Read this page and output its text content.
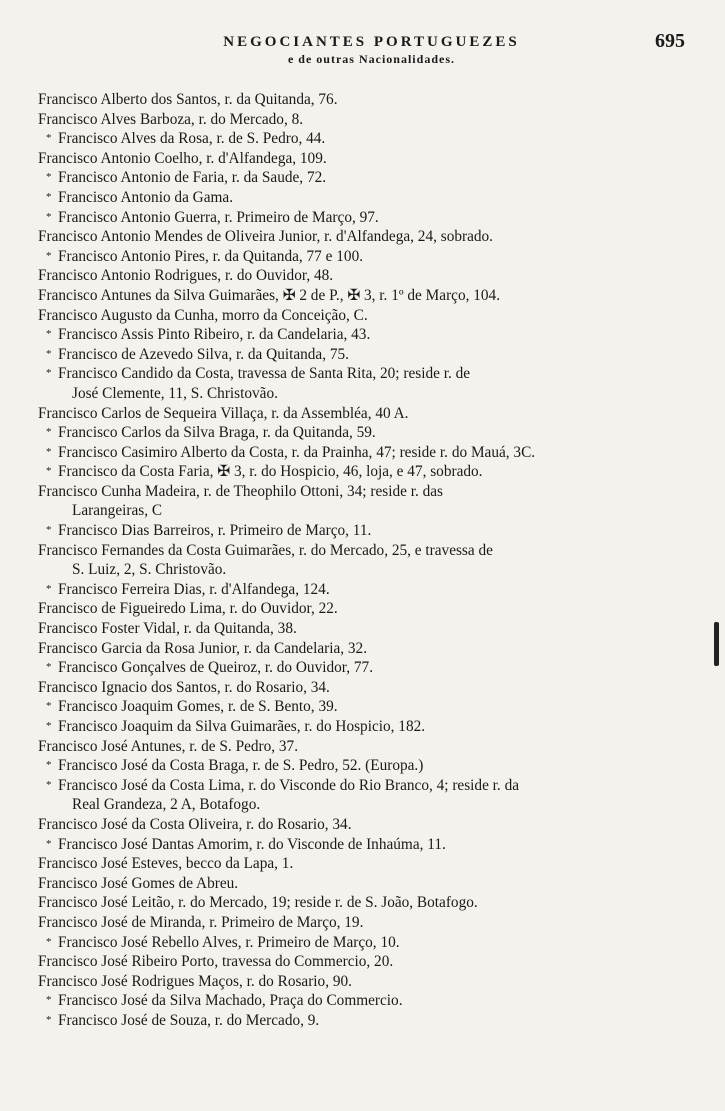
NEGOCIANTES PORTUGUEZES
e de outras Nacionalidades.
695
Francisco Alberto dos Santos, r. da Quitanda, 76.
Francisco Alves Barboza, r. do Mercado, 8.
* Francisco Alves da Rosa, r. de S. Pedro, 44.
Francisco Antonio Coelho, r. d'Alfandega, 109.
* Francisco Antonio de Faria, r. da Saude, 72.
* Francisco Antonio da Gama.
* Francisco Antonio Guerra, r. Primeiro de Março, 97.
Francisco Antonio Mendes de Oliveira Junior, r. d'Alfandega, 24, sobrado.
* Francisco Antonio Pires, r. da Quitanda, 77 e 100.
Francisco Antonio Rodrigues, r. do Ouvidor, 48.
Francisco Antunes da Silva Guimarães, ✠ 2 de P., ✠ 3, r. 1º de Março, 104.
Francisco Augusto da Cunha, morro da Conceição, C.
* Francisco Assis Pinto Ribeiro, r. da Candelaria, 43.
* Francisco de Azevedo Silva, r. da Quitanda, 75.
* Francisco Candido da Costa, travessa de Santa Rita, 20; reside r. de
José Clemente, 11, S. Christovão.
Francisco Carlos de Sequeira Villaça, r. da Assembléa, 40 A.
* Francisco Carlos da Silva Braga, r. da Quitanda, 59.
* Francisco Casimiro Alberto da Costa, r. da Prainha, 47; reside r. do Mauá, 3C.
* Francisco da Costa Faria, ✠ 3, r. do Hospicio, 46, loja, e 47, sobrado.
Francisco Cunha Madeira, r. de Theophilo Ottoni, 34; reside r. das
Larangeiras, C
* Francisco Dias Barreiros, r. Primeiro de Março, 11.
Francisco Fernandes da Costa Guimarães, r. do Mercado, 25, e travessa de
S. Luiz, 2, S. Christovão.
* Francisco Ferreira Dias, r. d'Alfandega, 124.
Francisco de Figueiredo Lima, r. do Ouvidor, 22.
Francisco Foster Vidal, r. da Quitanda, 38.
Francisco Garcia da Rosa Junior, r. da Candelaria, 32.
* Francisco Gonçalves de Queiroz, r. do Ouvidor, 77.
Francisco Ignacio dos Santos, r. do Rosario, 34.
* Francisco Joaquim Gomes, r. de S. Bento, 39.
* Francisco Joaquim da Silva Guimarães, r. do Hospicio, 182.
Francisco José Antunes, r. de S. Pedro, 37.
* Francisco José da Costa Braga, r. de S. Pedro, 52. (Europa.)
* Francisco José da Costa Lima, r. do Visconde do Rio Branco, 4; reside r. da
Real Grandeza, 2 A, Botafogo.
Francisco José da Costa Oliveira, r. do Rosario, 34.
* Francisco José Dantas Amorim, r. do Visconde de Inhaúma, 11.
Francisco José Esteves, becco da Lapa, 1.
Francisco José Gomes de Abreu.
Francisco José Leitão, r. do Mercado, 19; reside r. de S. João, Botafogo.
Francisco José de Miranda, r. Primeiro de Março, 19.
* Francisco José Rebello Alves, r. Primeiro de Março, 10.
Francisco José Ribeiro Porto, travessa do Commercio, 20.
Francisco José Rodrigues Maços, r. do Rosario, 90.
* Francisco José da Silva Machado, Praça do Commercio.
* Francisco José de Souza, r. do Mercado, 9.
